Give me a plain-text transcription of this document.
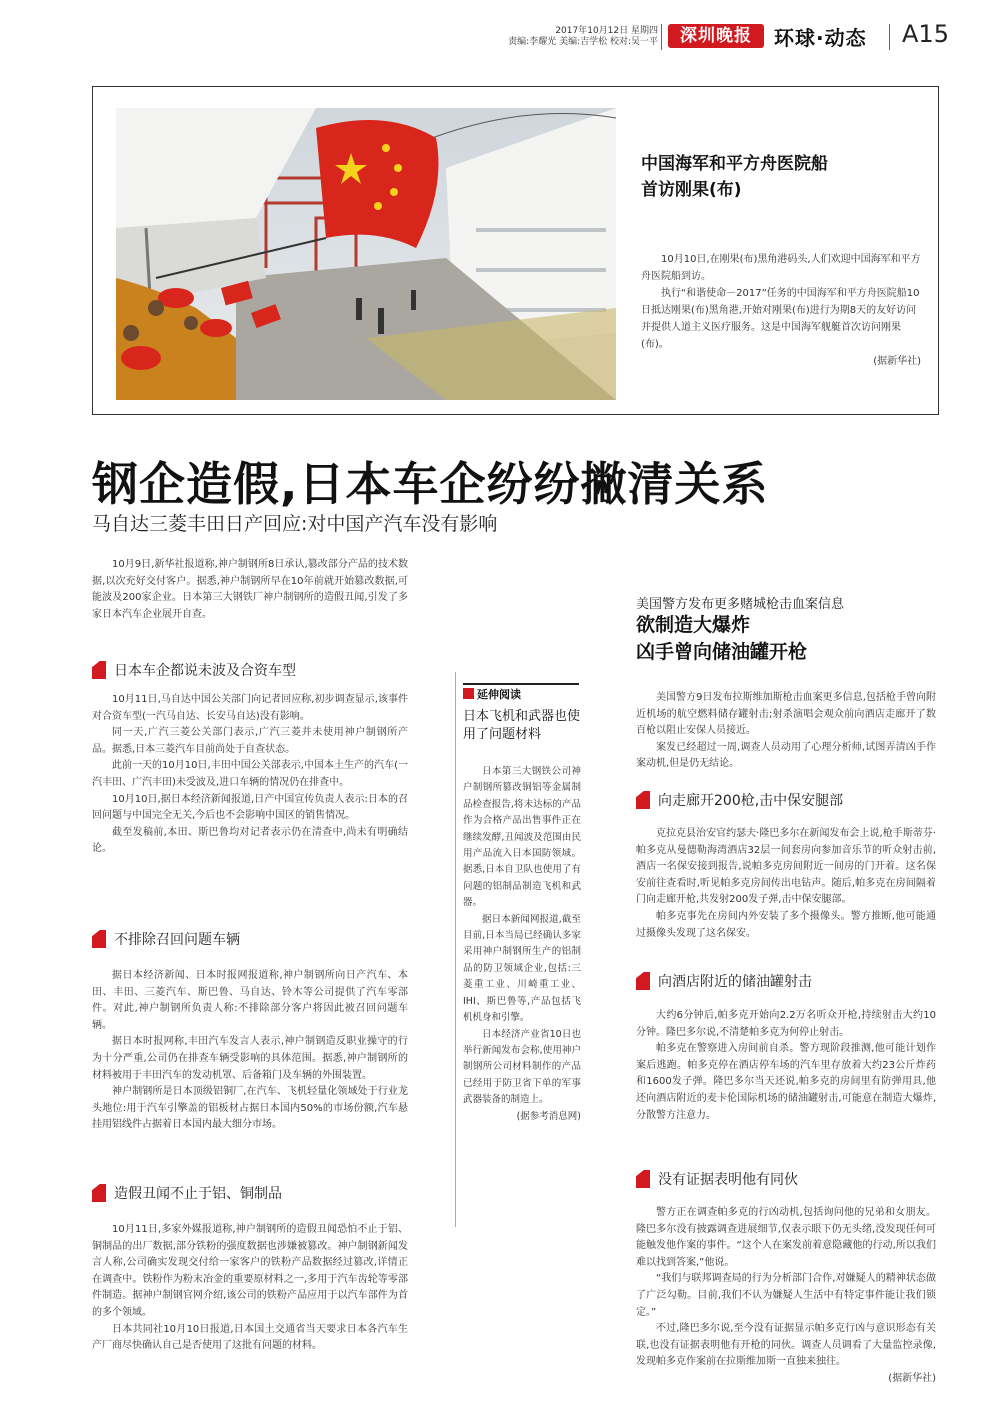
2017年10月12日 星期四
责编:李耀光 美编:吉学松 校对:吴一平	深圳晚报	环球·动态 A15
中国海军和平方舟医院船
首访刚果(布)

10月10日,在刚果(布)黑角港码头,人们欢迎中国海军和平方舟医院船到访。

执行“和谐使命－2017”任务的中国海军和平方舟医院船10日抵达刚果(布)黑角港,开始对刚果(布)进行为期8天的友好访问并提供人道主义医疗服务。这是中国海军舰艇首次访问刚果(布)。

(据新华社)
钢企造假,日本车企纷纷撇清关系
马自达三菱丰田日产回应:对中国产汽车没有影响

10月9日,新华社报道称,神户制钢所8日承认,篡改部分产品的技术数据,以次充好交付客户。据悉,神户制钢所早在10年前就开始篡改数据,可能波及200家企业。日本第三大钢铁厂神户制钢所的造假丑闻,引发了多家日本汽车企业展开自查。

日本车企都说未波及合资车型

10月11日,马自达中国公关部门向记者回应称,初步调查显示,该事件对合资车型(一汽马自达、长安马自达)没有影响。

同一天,广汽三菱公关部门表示,广汽三菱并未使用神户制钢所产品。据悉,日本三菱汽车目前尚处于自查状态。

此前一天的10月10日,丰田中国公关部表示,中国本土生产的汽车(一汽丰田、广汽丰田)未受波及,进口车辆的情况仍在排查中。

10月10日,据日本经济新闻报道,日产中国宣传负责人表示:日本的召回问题与中国完全无关,今后也不会影响中国区的销售情况。

截至发稿前,本田、斯巴鲁均对记者表示仍在清查中,尚未有明确结论。

不排除召回问题车辆

据日本经济新闻、日本时报网报道称,神户制钢所向日产汽车、本田、丰田、三菱汽车、斯巴鲁、马自达、铃木等公司提供了汽车零部件。对此,神户制钢所负责人称:不排除部分客户将因此被召回问题车辆。

据日本时报网称,丰田汽车发言人表示,神户制钢造反职业操守的行为十分严重,公司仍在排查车辆受影响的具体范围。据悉,神户制钢所的材料被用于丰田汽车的发动机罩、后备箱门及车辆的外围装置。

神户制钢所是日本顶级铝铜厂,在汽车、飞机轻量化领域处于行业龙头地位:用于汽车引擎盖的铝板材占据日本国内50%的市场份额,汽车悬挂用铝线件占据着日本国内最大细分市场。

造假丑闻不止于铝、铜制品

10月11日,多家外媒报道称,神户制钢所的造假丑闻恐怕不止于铝、铜制品的出厂数据,部分铁粉的强度数据也涉嫌被篡改。神户制钢新闻发言人称,公司确实发现交付给一家客户的铁粉产品数据经过篡改,详情正在调查中。铁粉作为粉末冶金的重要原材料之一,多用于汽车齿轮等零部件制造。据神户制钢官网介绍,该公司的铁粉产品应用于以汽车部件为首的多个领域。

日本共同社10月10日报道,日本国土交通省当天要求日本各汽车生产厂商尽快确认自己是否使用了这批有问题的材料。

延伸阅读
日本飞机和武器也使用了问题材料

日本第三大钢铁公司神户制钢所篡改铜铝等金属制品检查报告,将未达标的产品作为合格产品出售事件正在继续发酵,丑闻波及范围由民用产品流入日本国防领域。据悉,日本自卫队也使用了有问题的铝制品制造飞机和武器。

据日本新闻网报道,截至目前,日本当局已经确认多家采用神户制钢所生产的铝制品的防卫领域企业,包括:三菱重工业、川崎重工业、IHI、斯巴鲁等,产品包括飞机机身和引擎。

日本经济产业省10日也举行新闻发布会称,使用神户制钢所公司材料制作的产品已经用于防卫省下单的军事武器装备的制造上。

(据参考消息网)
美国警方发布更多赌城枪击血案信息
欲制造大爆炸
凶手曾向储油罐开枪

美国警方9日发布拉斯维加斯枪击血案更多信息,包括枪手曾向附近机场的航空燃料储存罐射击;射杀演唱会观众前向酒店走廊开了数百枪以阻止安保人员接近。

案发已经超过一周,调查人员动用了心理分析师,试图弄清凶手作案动机,但是仍无结论。

向走廊开200枪,击中保安腿部

克拉克县治安官约瑟夫·隆巴多尔在新闻发布会上说,枪手斯蒂芬·帕多克从曼德勒海湾酒店32层一间套房向参加音乐节的听众射击前,酒店一名保安接到报告,说帕多克房间附近一间房的门开着。这名保安前往查看时,听见帕多克房间传出电钻声。随后,帕多克在房间隔着门向走廊开枪,共发射200发子弹,击中保安腿部。

帕多克事先在房间内外安装了多个摄像头。警方推断,他可能通过摄像头发现了这名保安。

向酒店附近的储油罐射击

大约6分钟后,帕多克开始向2.2万名听众开枪,持续射击大约10分钟。隆巴多尔说,不清楚帕多克为何停止射击。

帕多克在警察进入房间前自杀。警方现阶段推测,他可能计划作案后逃跑。帕多克停在酒店停车场的汽车里存放着大约23公斤炸药和1600发子弹。隆巴多尔当天还说,帕多克的房间里有防弹用具,他还向酒店附近的麦卡伦国际机场的储油罐射击,可能意在制造大爆炸,分散警方注意力。

没有证据表明他有同伙

警方正在调查帕多克的行凶动机,包括询问他的兄弟和女朋友。隆巴多尔没有披露调查进展细节,仅表示眼下仍无头绪,没发现任何可能触发他作案的事件。“这个人在案发前着意隐藏他的行动,所以我们难以找到答案,”他说。

“我们与联邦调查局的行为分析部门合作,对嫌疑人的精神状态做了广泛勾勒。目前,我们不认为嫌疑人生活中有特定事件能让我们锁定。”

不过,隆巴多尔说,至今没有证据显示帕多克行凶与意识形态有关联,也没有证据表明他有开枪的同伙。调查人员调看了大量监控录像,发现帕多克作案前在拉斯维加斯一直独来独往。

(据新华社)
